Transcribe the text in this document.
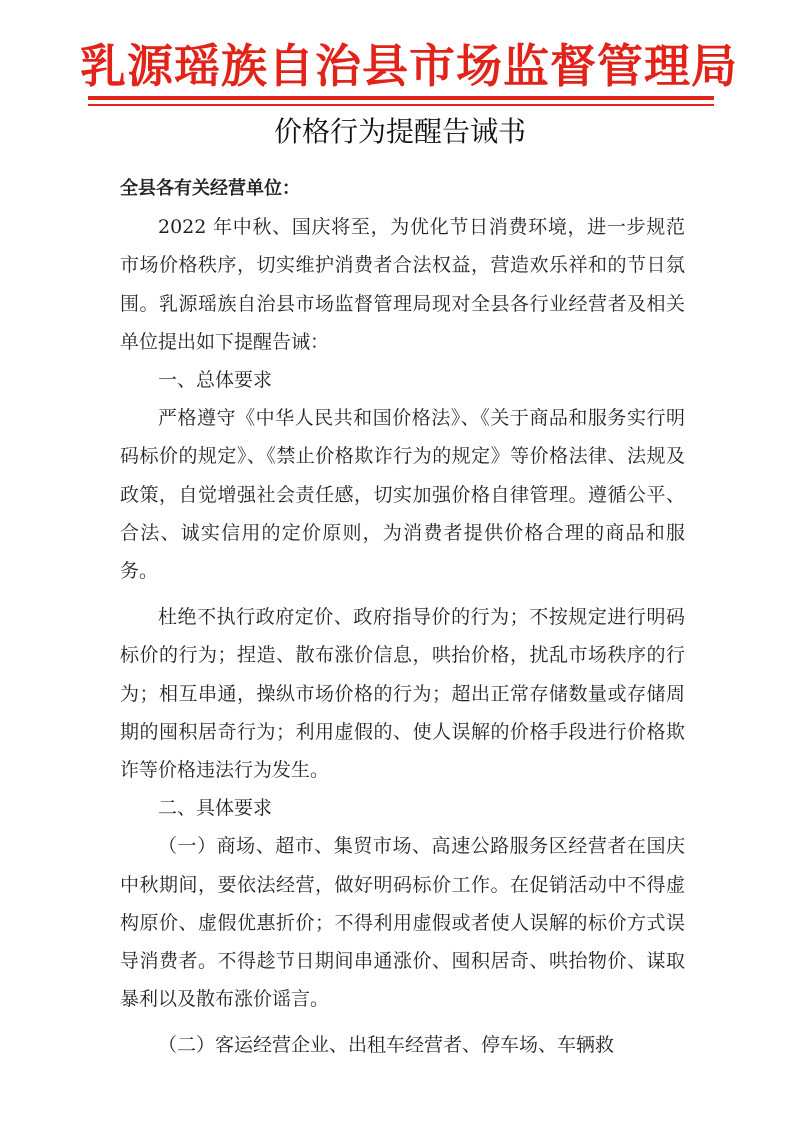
乳源瑶族自治县市场监督管理局
价格行为提醒告诫书

全县各有关经营单位：

2022 年中秋、国庆将至，为优化节日消费环境，进一步规范市场价格秩序，切实维护消费者合法权益，营造欢乐祥和的节日氛围。乳源瑶族自治县市场监督管理局现对全县各行业经营者及相关单位提出如下提醒告诫：

一、总体要求

严格遵守《中华人民共和国价格法》、《关于商品和服务实行明码标价的规定》、《禁止价格欺诈行为的规定》等价格法律、法规及政策，自觉增强社会责任感，切实加强价格自律管理。遵循公平、合法、诚实信用的定价原则，为消费者提供价格合理的商品和服务。

杜绝不执行政府定价、政府指导价的行为；不按规定进行明码标价的行为；捏造、散布涨价信息，哄抬价格，扰乱市场秩序的行为；相互串通，操纵市场价格的行为；超出正常存储数量或存储周期的囤积居奇行为；利用虚假的、使人误解的价格手段进行价格欺诈等价格违法行为发生。

二、具体要求

（一）商场、超市、集贸市场、高速公路服务区经营者在国庆中秋期间，要依法经营，做好明码标价工作。在促销活动中不得虚构原价、虚假优惠折价；不得利用虚假或者使人误解的标价方式误导消费者。不得趁节日期间串通涨价、囤积居奇、哄抬物价、谋取暴利以及散布涨价谣言。

（二）客运经营企业、出租车经营者、停车场、车辆救
